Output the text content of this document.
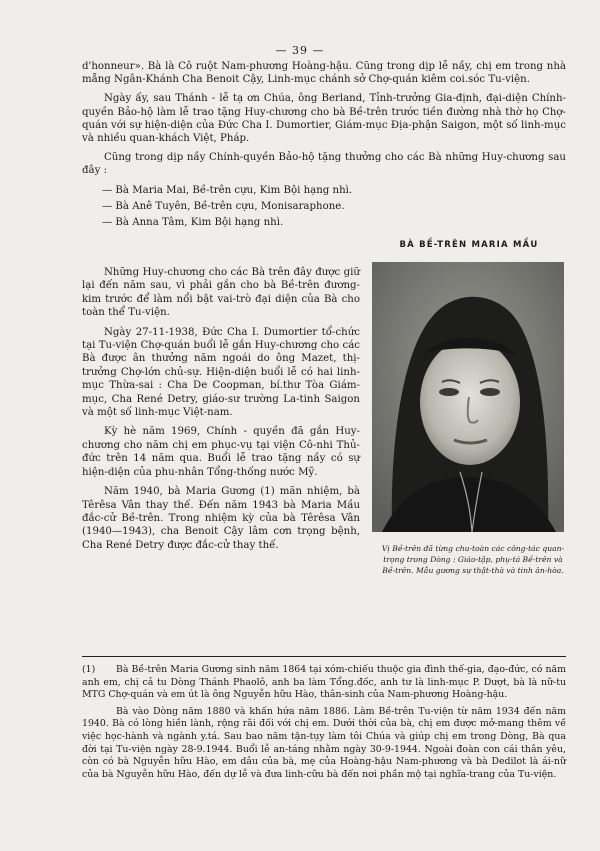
— 39 —

d'honneur». Bà là Cô ruột Nam-phương Hoàng-hậu. Cũng trong dịp lễ nầy, chị em trong nhà mẵng Ngân-Khánh Cha Benoit Cậy, Linh-mục chánh sở Chợ-quán kiêm coi.sóc Tu-viện.

Ngày ấy, sau Thánh - lễ tạ ơn Chúa, ông Berland, Tỉnh-trưởng Gia-định, đại-diện Chính-quyền Bảo-hộ làm lễ trao tặng Huy-chương cho bà Bề-trên trước tiền đường nhà thờ họ Chợ-quán với sự hiện-diện của Đức Cha I. Dumortier, Giám-mục Địa-phận Saigon, một số linh-mục và nhiều quan-khách Việt, Pháp.

Cũng trong dịp nầy Chính-quyền Bảo-hộ tặng thưởng cho các Bà những Huy-chương sau đây :

— Bà Maria Mai, Bề-trên cựu, Kim Bội hạng nhì.

— Bà Anê Tuyên, Bề-trên cựu, Monisaraphone.

— Bà Anna Tâm, Kim Bội hạng nhì.

Những Huy-chương cho các Bà trên đây được giữ lại đến năm sau, vì phải gắn cho bà Bề-trên đương-kim trước để làm nổi bật vai-trò đại diện của Bà cho toàn thể Tu-viện.

Ngày 27-11-1938, Đức Cha I. Dumortier tổ-chức tại Tu-viện Chợ-quán buổi lễ gắn Huy-chương cho các Bà được ân thưởng năm ngoái do ông Mazet, thị-trưởng Chợ-lớn chủ-sự. Hiện-diện buổi lễ có hai linh-mục Thừa-sai : Cha De Coopman, bí.thư Tòa Giám-mục, Cha René Detry, giáo-sư trường La-tinh Saigon và một số linh-mục Việt-nam.

Kỳ hè năm 1969, Chính - quyền đã gắn Huy-chương cho năm chị em phục-vụ tại viện Cô-nhi Thủ-đức trên 14 năm qua. Buổi lễ trao tặng nầy có sự hiện-diện của phu-nhân Tổng-thống nước Mỹ.

Năm 1940, bà Maria Gương (1) mãn nhiệm, bà Têrêsa Vân thay thế. Đến năm 1943 bà Maria Mầu đắc-cử Bề-trên. Trong nhiệm kỳ của bà Têrêsa Vân (1940—1943), cha Benoit Cậy lâm cơn trọng bệnh, Cha René Detry được đắc-cử thay thế.

BÀ BỀ-TRÊN MARIA MẦU
Vị Bề-trên đã từng chu-toàn các công-tác quan-trọng trong Dòng : Giáo-tập, phụ-tá Bề-trên và Bề-trên. Mẫu gương sự thật-thà và tinh ân-hòa.

(1) Bà Bề-trên Maria Gương sinh năm 1864 tại xóm-chiếu thuộc gia đình thế-gia, đạo-đức, có năm anh em, chị cả tu Dòng Thánh Phaolô, anh ba làm Tổng.đốc, anh tư là linh-mục P. Dượt, bà là nữ-tu MTG Chợ-quán và em út là ông Nguyễn hữu Hào, thân-sinh của Nam-phương Hoàng-hậu.

Bà vào Dòng năm 1880 và khấn hứa năm 1886. Làm Bề-trên Tu-viện từ năm 1934 đến năm 1940. Bà có lòng hiền lành, rộng rãi đối với chị em. Dưới thời của bà, chị em được mở-mang thêm về việc học-hành và ngành y.tá. Sau bao năm tận-tụy làm tôi Chúa và giúp chị em trong Dòng, Bà qua đời tại Tu-viện ngày 28-9.1944. Buổi lễ an-táng nhằm ngày 30-9-1944. Ngoài đoàn con cái thân yêu, còn có bà Nguyễn hữu Hào, em dâu của bà, mẹ của Hoàng-hậu Nam-phương và bà Dedilot là ái-nữ của bà Nguyễn hữu Hào, đến dự lễ và đưa linh-cữu bà đến nơi phần mộ tại nghĩa-trang của Tu-viện.
